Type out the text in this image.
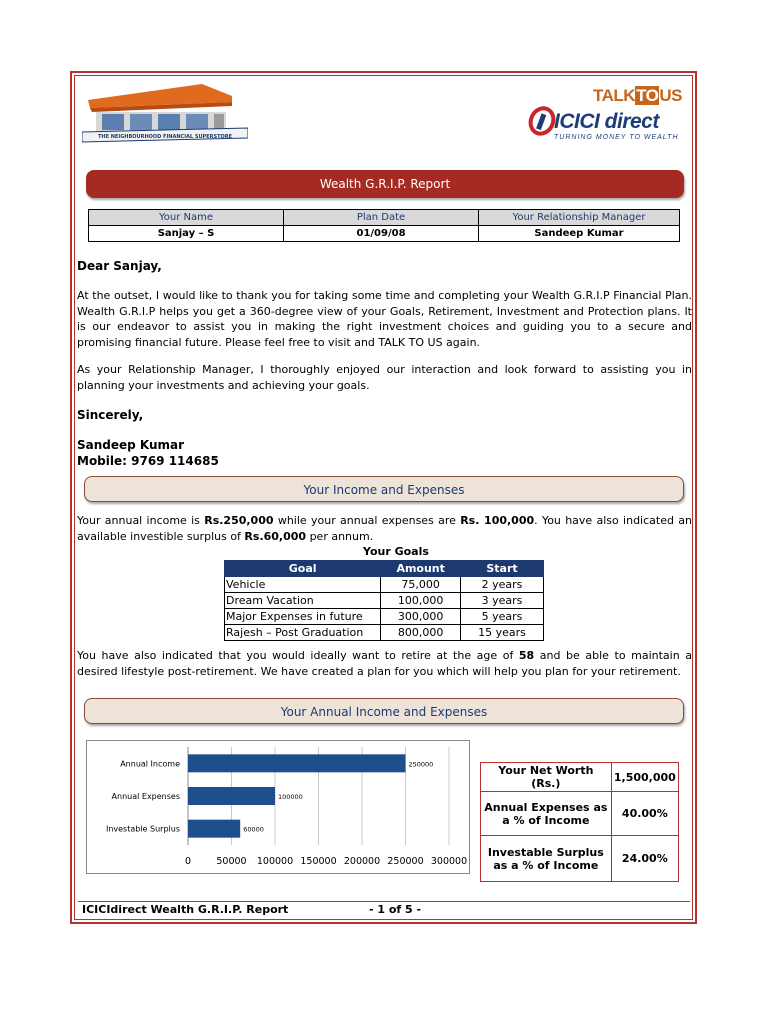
THE NEIGHBOURHOOD FINANCIAL SUPERSTORE
TALKTOUS
ICICI direct
TURNING MONEY TO WEALTH
Wealth G.R.I.P. Report
Your Name	Plan Date	Your Relationship Manager
Sanjay – S	01/09/08	Sandeep Kumar
Dear Sanjay,
At the outset, I would like to thank you for taking some time and completing your Wealth G.R.I.P Financial Plan. Wealth G.R.I.P helps you get a 360-degree view of your Goals, Retirement, Investment and Protection plans. It is our endeavor to assist you in making the right investment choices and guiding you to a secure and promising financial future. Please feel free to visit and TALK TO US again.
As your Relationship Manager, I thoroughly enjoyed our interaction and look forward to assisting you in planning your investments and achieving your goals.
Sincerely,
Sandeep Kumar
Mobile: 9769 114685
Your Income and Expenses
Your annual income is Rs.250,000 while your annual expenses are Rs. 100,000. You have also indicated an available investible surplus of Rs.60,000 per annum.
Your Goals
Goal	Amount	Start
Vehicle	75,000	2 years
Dream Vacation	100,000	3 years
Major Expenses in future	300,000	5 years
Rajesh – Post Graduation	800,000	15 years
You have also indicated that you would ideally want to retire at the age of 58 and be able to maintain a desired lifestyle post-retirement. We have created a plan for you which will help you plan for your retirement.
Your Annual Income and Expenses
0	50000 100000 150000 200000 250000 300000
Annual Income	250000
Annual Expenses	100000
Investable Surplus	60000
Your Net Worth (Rs.)	1,500,000
Annual Expenses as a % of Income	40.00%
Investable Surplus as a % of Income	24.00%
ICICIdirect Wealth G.R.I.P. Report	- 1 of 5 -
